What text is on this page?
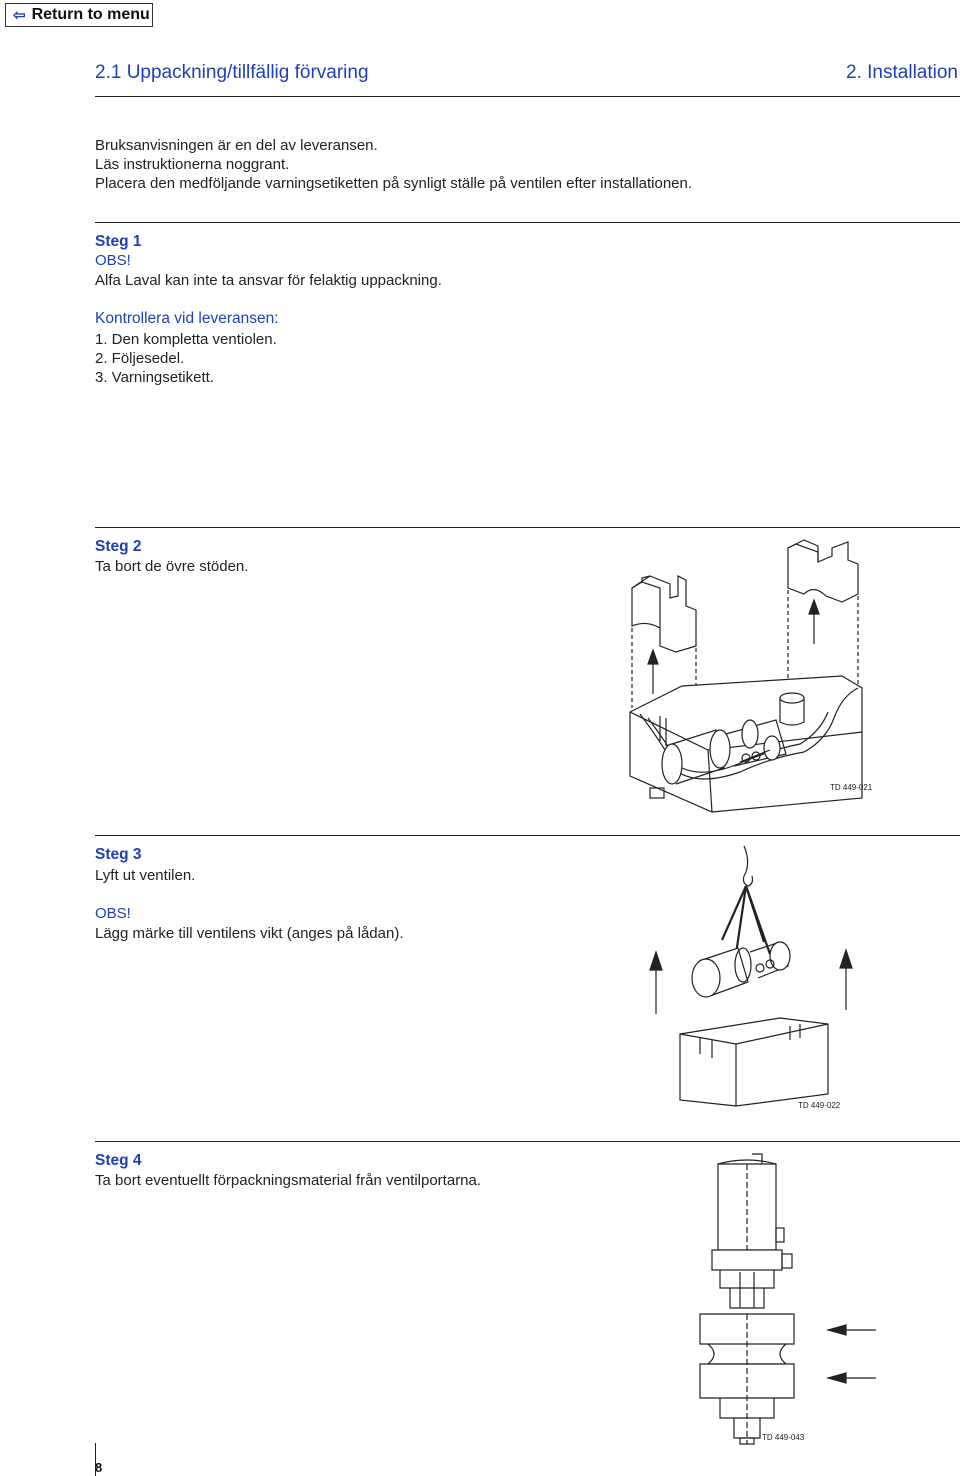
⇦ Return to menu
2.1 Uppackning/tillfällig förvaring	2. Installation
Bruksanvisningen är en del av leveransen.
Läs instruktionerna noggrant.
Placera den medföljande varningsetiketten på synligt ställe på ventilen efter installationen.
Steg 1
OBS!
Alfa Laval kan inte ta ansvar för felaktig uppackning.
Kontrollera vid leveransen:
1. Den kompletta ventiolen.
2. Följesedel.
3. Varningsetikett.
Steg 2
Ta bort de övre stöden.
TD 449-021
Steg 3
Lyft ut ventilen.
OBS!
Lägg märke till ventilens vikt (anges på lådan).
TD 449-022
Steg 4
Ta bort eventuellt förpackningsmaterial från ventilportarna.
TD 449-043
8
